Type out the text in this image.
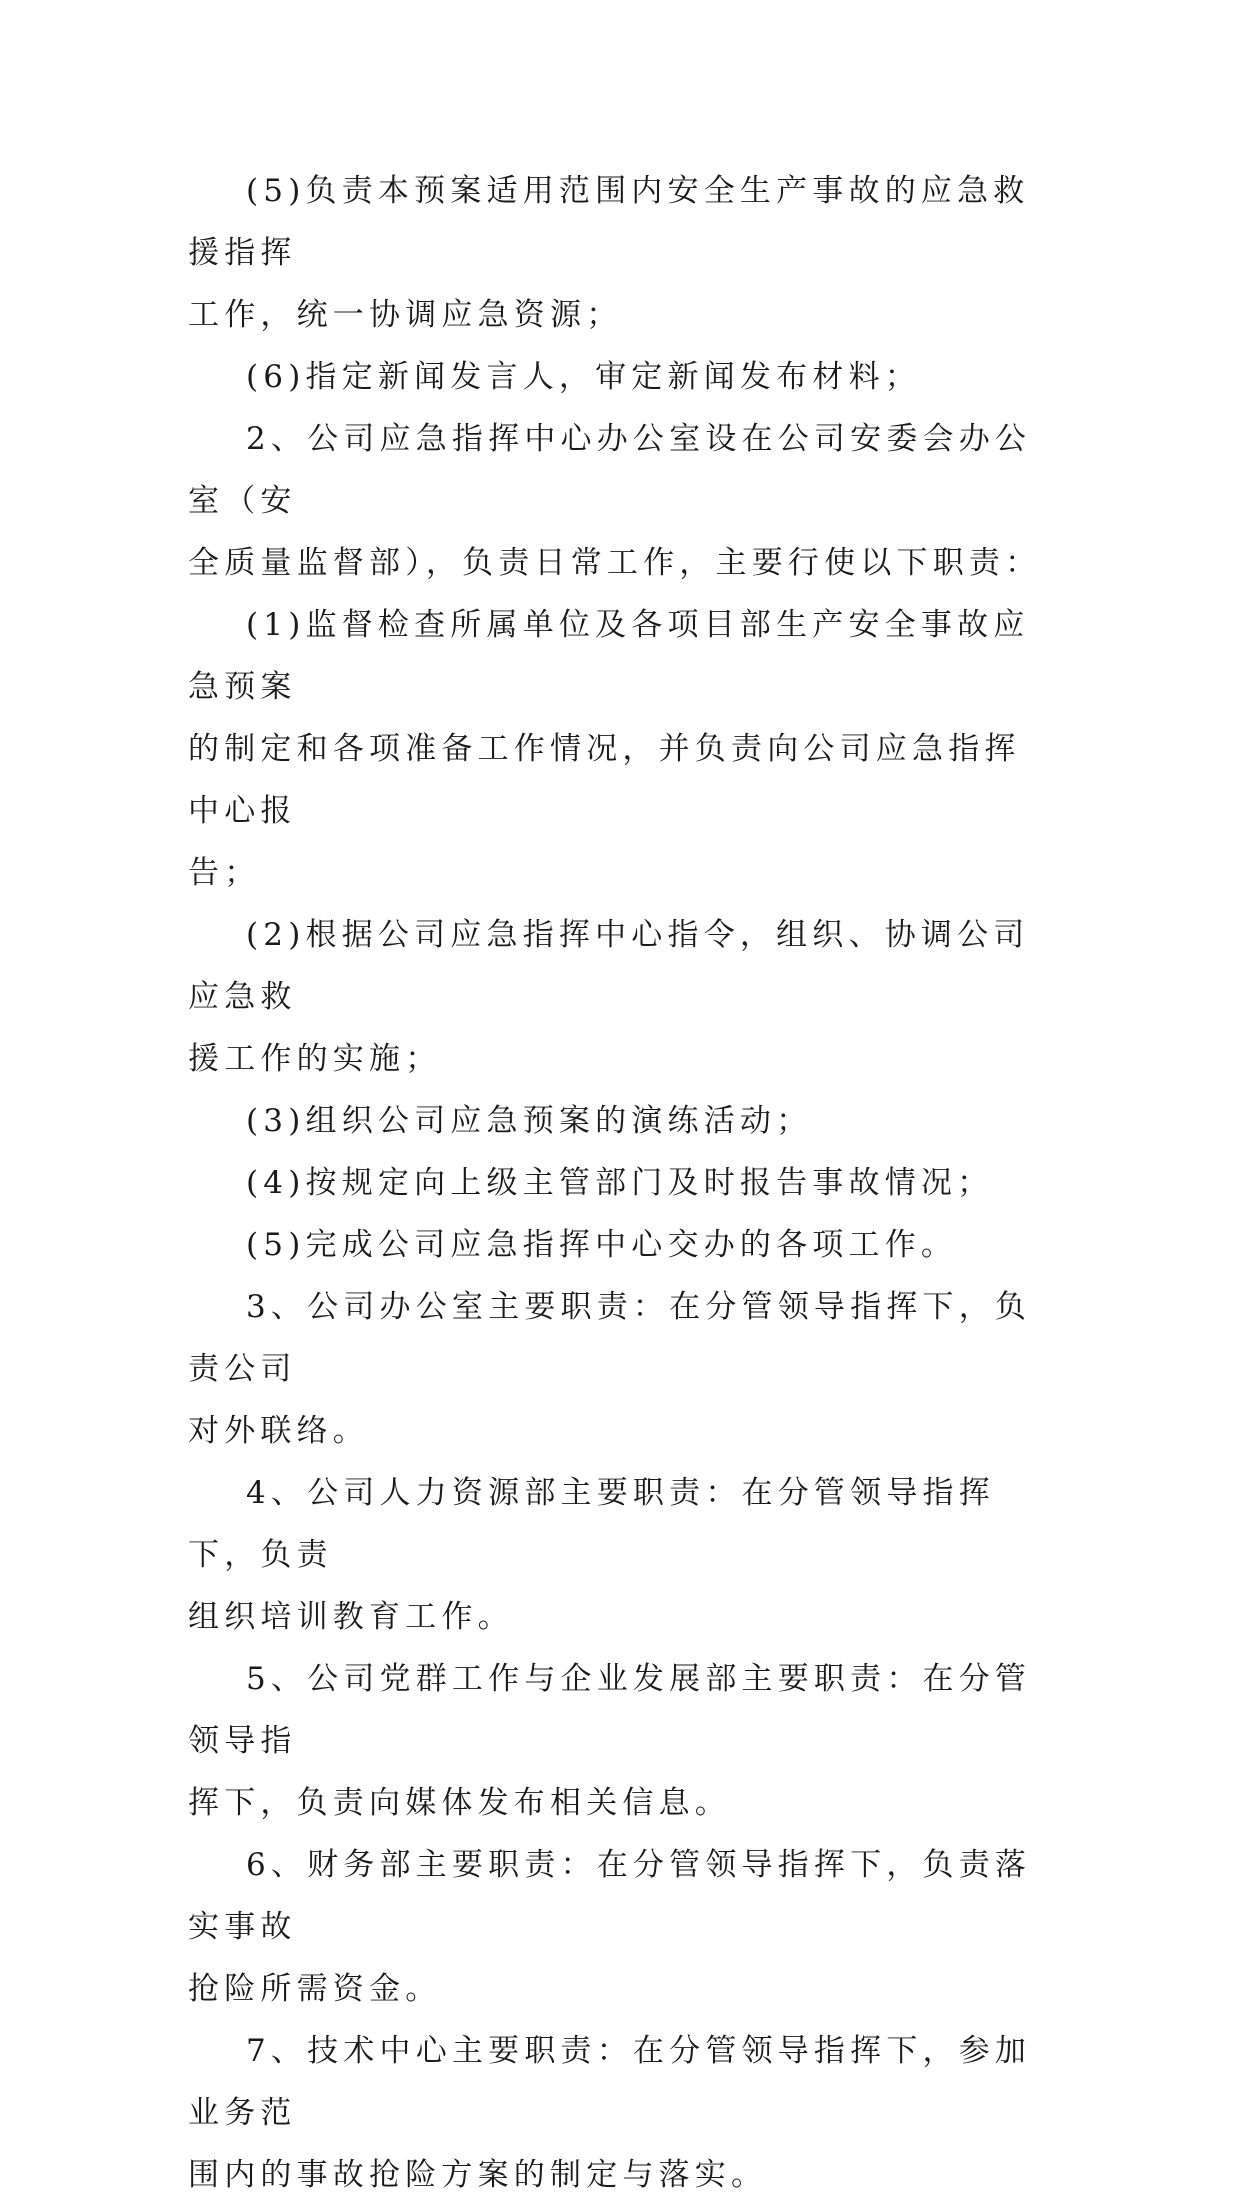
(5)负责本预案适用范围内安全生产事故的应急救援指挥
工作，统一协调应急资源；

(6)指定新闻发言人，审定新闻发布材料；

2、公司应急指挥中心办公室设在公司安委会办公室（安
全质量监督部），负责日常工作，主要行使以下职责：

(1)监督检查所属单位及各项目部生产安全事故应急预案
的制定和各项准备工作情况，并负责向公司应急指挥中心报
告；

(2)根据公司应急指挥中心指令，组织、协调公司应急救
援工作的实施；

(3)组织公司应急预案的演练活动；

(4)按规定向上级主管部门及时报告事故情况；

(5)完成公司应急指挥中心交办的各项工作。

3、公司办公室主要职责：在分管领导指挥下，负责公司
对外联络。

4、公司人力资源部主要职责：在分管领导指挥下，负责
组织培训教育工作。

5、公司党群工作与企业发展部主要职责：在分管领导指
挥下，负责向媒体发布相关信息。

6、财务部主要职责：在分管领导指挥下，负责落实事故
抢险所需资金。

7、技术中心主要职责：在分管领导指挥下，参加业务范
围内的事故抢险方案的制定与落实。
